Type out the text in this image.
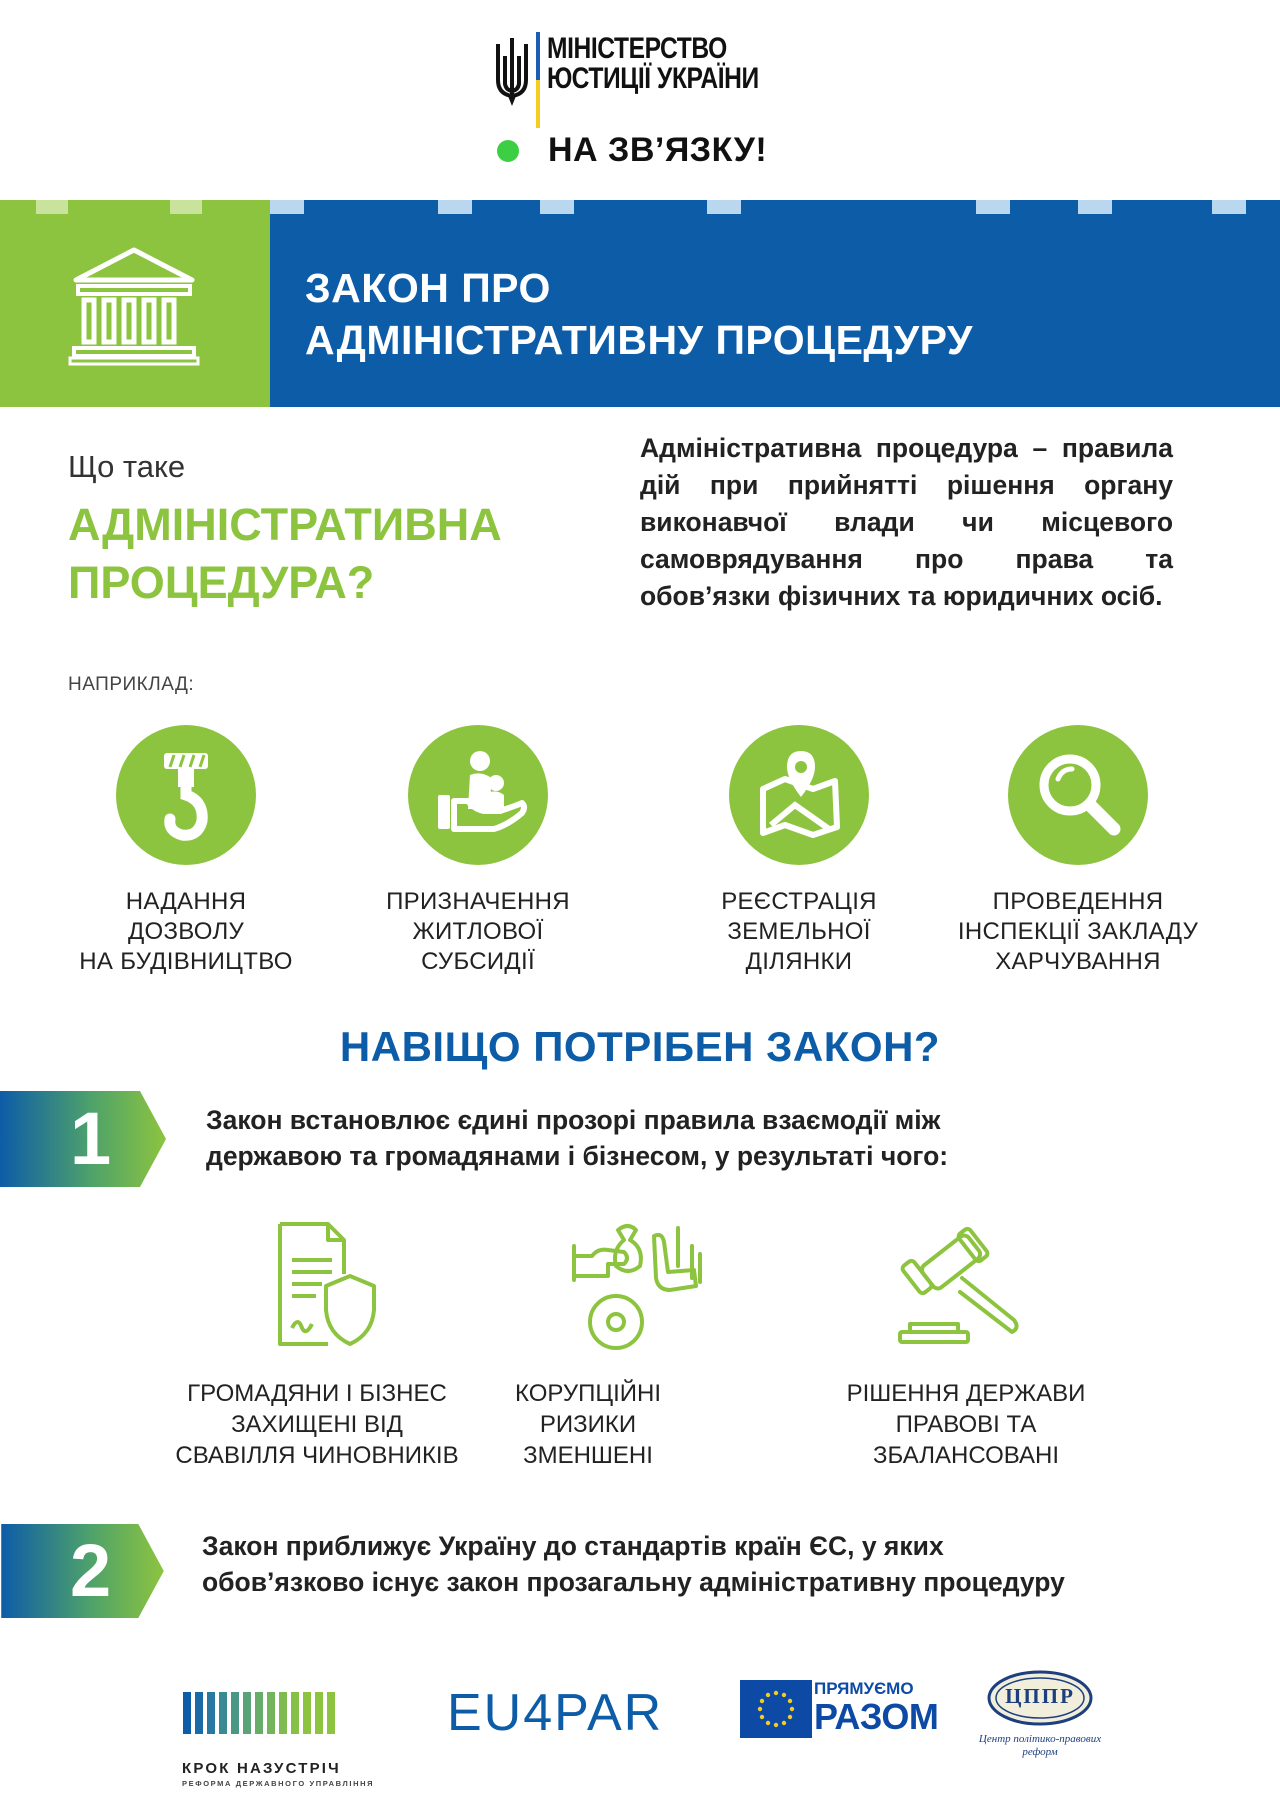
МІНІСТЕРСТВО
ЮСТИЦІЇ УКРАЇНИ
НА ЗВ’ЯЗКУ!
ЗАКОН ПРО
АДМІНІСТРАТИВНУ ПРОЦЕДУРУ
Що таке
АДМІНІСТРАТИВНА
ПРОЦЕДУРА?
Адміністративна процедура – правила дій при прийнятті рішення органу виконавчої влади чи місцевого самоврядування про права та обов’язки фізичних та юридичних осіб.
НАПРИКЛАД:
НАДАННЯ
ДОЗВОЛУ
НА БУДІВНИЦТВО
ПРИЗНАЧЕННЯ
ЖИТЛОВОЇ
СУБСИДІЇ
РЕЄСТРАЦІЯ
ЗЕМЕЛЬНОЇ
ДІЛЯНКИ
ПРОВЕДЕННЯ
ІНСПЕКЦІЇ ЗАКЛАДУ
ХАРЧУВАННЯ
НАВІЩО ПОТРІБЕН ЗАКОН?
1	Закон встановлює єдині прозорі правила взаємодії між
державою та громадянами і бізнесом, у результаті чого:
ГРОМАДЯНИ І БІЗНЕС
ЗАХИЩЕНІ ВІД
СВАВІЛЛЯ ЧИНОВНИКІВ
КОРУПЦІЙНІ
РИЗИКИ
ЗМЕНШЕНІ
РІШЕННЯ ДЕРЖАВИ
ПРАВОВІ ТА
ЗБАЛАНСОВАНІ
2	Закон приближує Україну до стандартів країн ЄС, у яких
обов’язково існує закон прозагальну адміністративну процедуру
КРОК НАЗУСТРІЧ
РЕФОРМА ДЕРЖАВНОГО УПРАВЛІННЯ
EU4PAR	ПРЯМУЄМО
РАЗОМ	ЦППР
Центр політико-правових
реформ
